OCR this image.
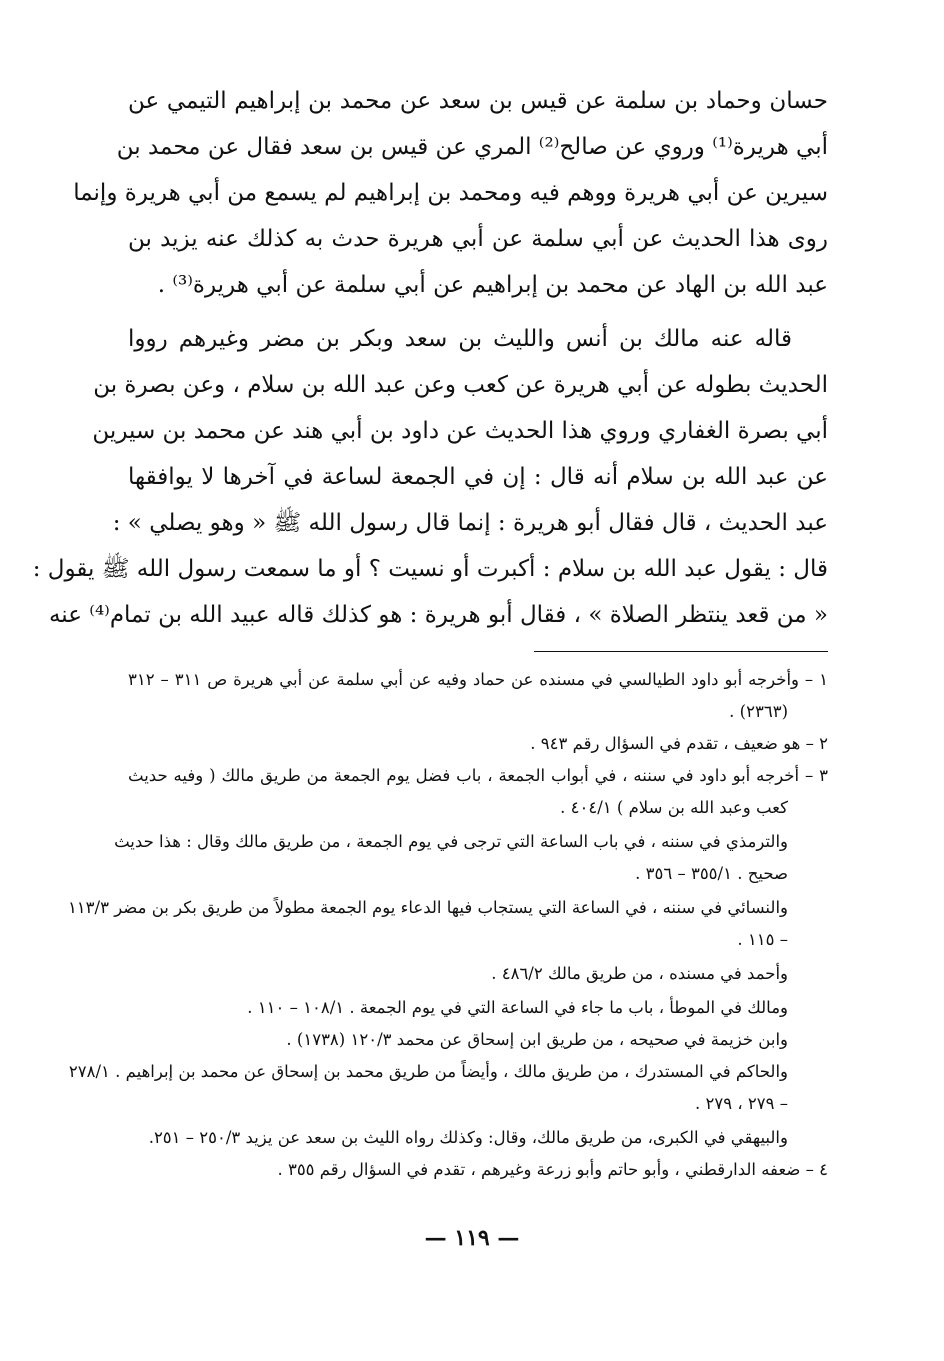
حسان وحماد بن سلمة عن قيس بن سعد عن محمد بن إبراهيم التيمي عن
أبي هريرة⁽¹⁾ وروي عن صالح⁽²⁾ المري عن قيس بن سعد فقال عن محمد بن
سيرين عن أبي هريرة ووهم فيه ومحمد بن إبراهيم لم يسمع من أبي هريرة وإنما
روى هذا الحديث عن أبي سلمة عن أبي هريرة حدث به كذلك عنه يزيد بن
عبد الله بن الهاد عن محمد بن إبراهيم عن أبي سلمة عن أبي هريرة⁽³⁾ .
قاله عنه مالك بن أنس والليث بن سعد وبكر بن مضر وغيرهم رووا
الحديث بطوله عن أبي هريرة عن كعب وعن عبد الله بن سلام ، وعن بصرة بن
أبي بصرة الغفاري وروي هذا الحديث عن داود بن أبي هند عن محمد بن سيرين
عن عبد الله بن سلام أنه قال : إن في الجمعة لساعة في آخرها لا يوافقها
عبد الحديث ، قال فقال أبو هريرة : إنما قال رسول الله ﷺ « وهو يصلي » :
قال : يقول عبد الله بن سلام : أكبرت أو نسيت ؟ أو ما سمعت رسول الله ﷺ يقول :
« من قعد ينتظر الصلاة » ، فقال أبو هريرة : هو كذلك قاله عبيد الله بن تمام⁽⁴⁾ عنه
١ – وأخرجه أبو داود الطيالسي في مسنده عن حماد وفيه عن أبي سلمة عن أبي هريرة ص ٣١١ – ٣١٢
(٢٣٦٣) .
٢ – هو ضعيف ، تقدم في السؤال رقم ٩٤٣ .
٣ – أخرجه أبو داود في سننه ، في أبواب الجمعة ، باب فضل يوم الجمعة من طريق مالك ( وفيه حديث
كعب وعبد الله بن سلام ) ٤٠٤/١ .
والترمذي في سننه ، في باب الساعة التي ترجى في يوم الجمعة ، من طريق مالك وقال : هذا حديث
صحيح . ٣٥٥/١ – ٣٥٦ .
والنسائي في سننه ، في الساعة التي يستجاب فيها الدعاء يوم الجمعة مطولاً من طريق بكر بن مضر ١١٣/٣
– ١١٥ .
وأحمد في مسنده ، من طريق مالك ٤٨٦/٢ .
ومالك في الموطأ ، باب ما جاء في الساعة التي في يوم الجمعة . ١٠٨/١ – ١١٠ .
وابن خزيمة في صحيحه ، من طريق ابن إسحاق عن محمد ١٢٠/٣ (١٧٣٨) .
والحاكم في المستدرك ، من طريق مالك ، وأيضاً من طريق محمد بن إسحاق عن محمد بن إبراهيم . ٢٧٨/١
– ٢٧٩ ، ٢٧٩ .
والبيهقي في الكبرى، من طريق مالك، وقال: وكذلك رواه الليث بن سعد عن يزيد ٢٥٠/٣ – ٢٥١.
٤ – ضعفه الدارقطني ، وأبو حاتم وأبو زرعة وغيرهم ، تقدم في السؤال رقم ٣٥٥ .
— ١١٩ —
